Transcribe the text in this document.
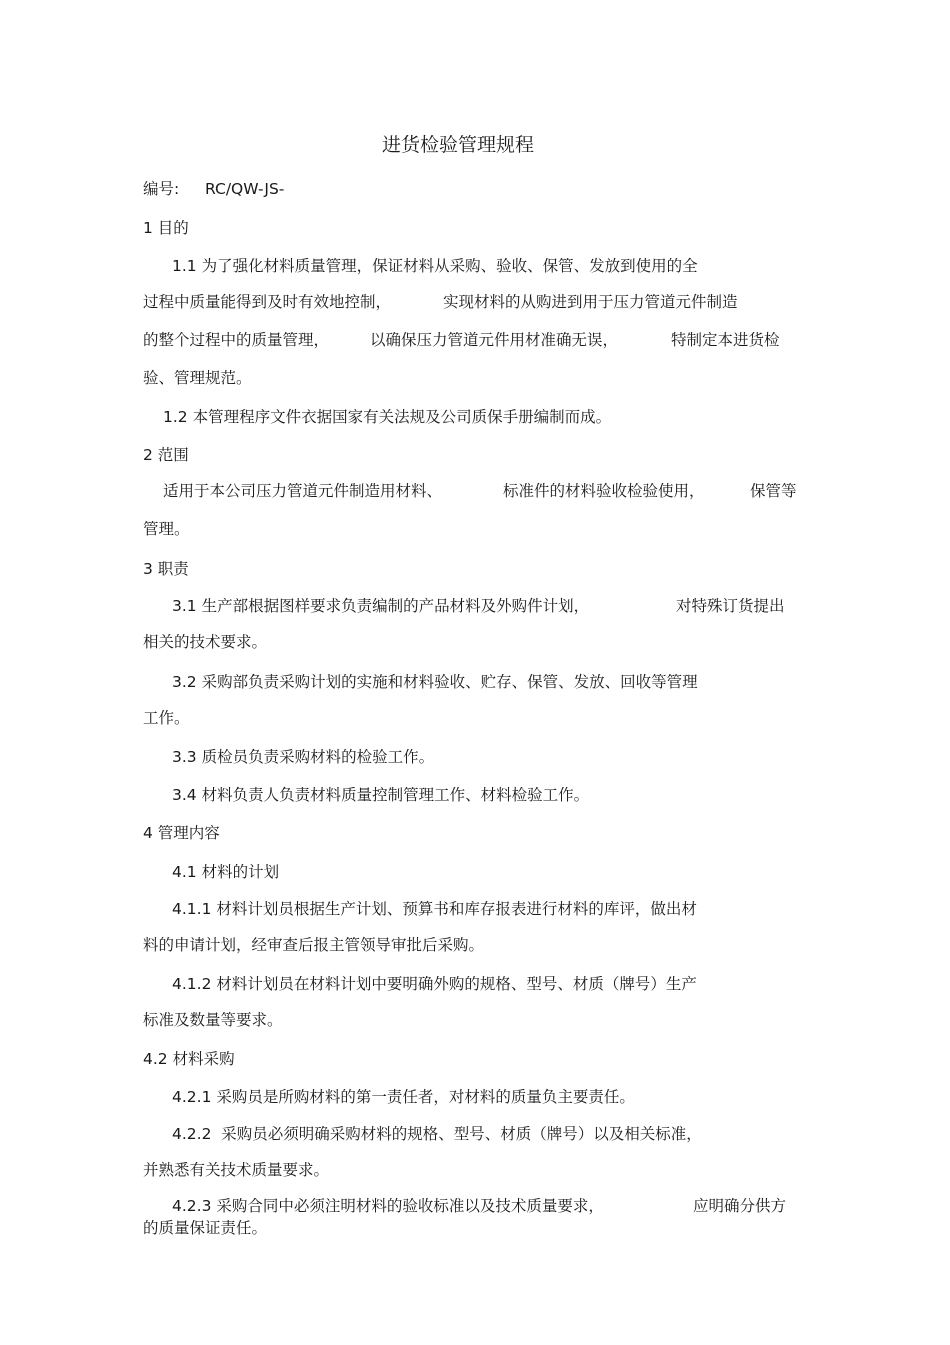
进货检验管理规程
编号: RC/QW-JS-
1 目的
1.1 为了强化材料质量管理，保证材料从采购、验收、保管、发放到使用的全
过程中质量能得到及时有效地控制，	实现材料的从购进到用于压力管道元件制造
的整个过程中的质量管理，	以确保压力管道元件用材准确无误，	特制定本进货检
验、管理规范。
1.2 本管理程序文件衣据国家有关法规及公司质保手册编制而成。
2 范围
适用于本公司压力管道元件制造用材料、	标准件的材料验收检验使用，	保管等
管理。
3 职责
3.1 生产部根据图样要求负责编制的产品材料及外购件计划，	对特殊订货提出
相关的技术要求。
3.2 采购部负责采购计划的实施和材料验收、贮存、保管、发放、回收等管理
工作。
3.3 质检员负责采购材料的检验工作。
3.4 材料负责人负责材料质量控制管理工作、材料检验工作。
4 管理内容
4.1 材料的计划
4.1.1 材料计划员根据生产计划、预算书和库存报表进行材料的库评，做出材
料的申请计划，经审查后报主管领导审批后采购。
4.1.2 材料计划员在材料计划中要明确外购的规格、型号、材质（牌号）生产
标准及数量等要求。
4.2 材料采购
4.2.1 采购员是所购材料的第一责任者，对材料的质量负主要责任。
4.2.2  采购员必须明确采购材料的规格、型号、材质（牌号）以及相关标准，
并熟悉有关技术质量要求。
4.2.3 采购合同中必须注明材料的验收标准以及技术质量要求，	应明确分供方
的质量保证责任。
